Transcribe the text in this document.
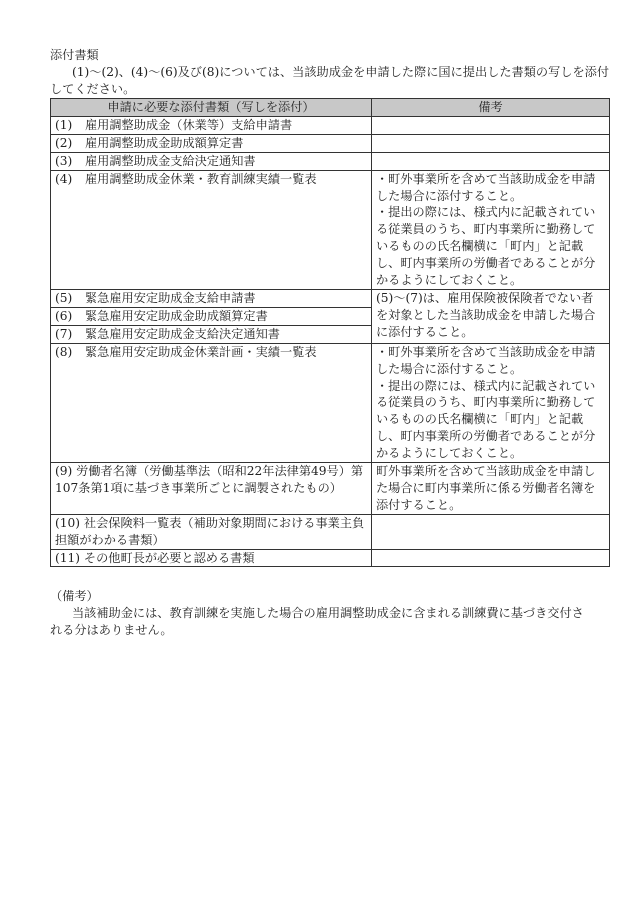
添付書類
(1)～(2)、(4)～(6)及び(8)については、当該助成金を申請した際に国に提出した書類の写しを添付してください。
申請に必要な添付書類（写しを添付）	備考
(1) 雇用調整助成金（休業等）支給申請書	
(2) 雇用調整助成金助成額算定書	
(3) 雇用調整助成金支給決定通知書	
(4) 雇用調整助成金休業・教育訓練実績一覧表	・町外事業所を含めて当該助成金を申請した場合に添付すること。
・提出の際には、様式内に記載されている従業員のうち、町内事業所に勤務しているものの氏名欄横に「町内」と記載し、町内事業所の労働者であることが分かるようにしておくこと。

(5) 緊急雇用安定助成金支給申請書	(5)～(7)は、雇用保険被保険者でない者を対象とした当該助成金を申請した場合に添付すること。
(6) 緊急雇用安定助成金助成額算定書	
(7) 緊急雇用安定助成金支給決定通知書	
(8) 緊急雇用安定助成金休業計画・実績一覧表	・町外事業所を含めて当該助成金を申請した場合に添付すること。
・提出の際には、様式内に記載されている従業員のうち、町内事業所に勤務しているものの氏名欄横に「町内」と記載し、町内事業所の労働者であることが分かるようにしておくこと。

(9) 労働者名簿（労働基準法（昭和22年法律第49号）第107条第1項に基づき事業所ごとに調製されたもの）	町外事業所を含めて当該助成金を申請した場合に町内事業所に係る労働者名簿を添付すること。
(10) 社会保険料一覧表（補助対象期間における事業主負担額がわかる書類）	
(11) その他町長が必要と認める書類	
（備考）
当該補助金には、教育訓練を実施した場合の雇用調整助成金に含まれる訓練費に基づき交付される分はありません。
